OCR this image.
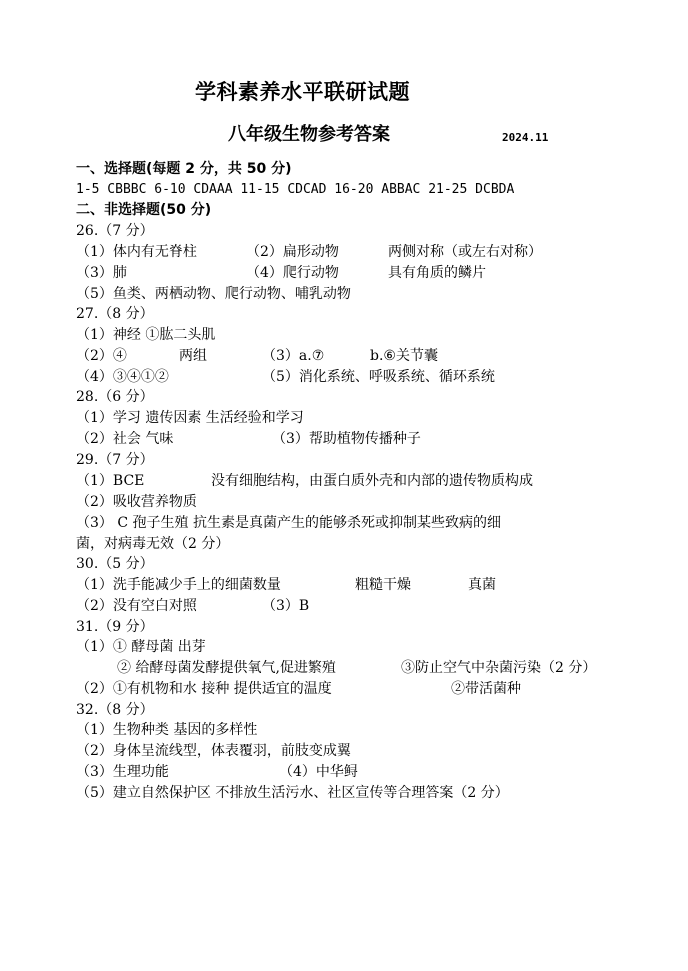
学科素养水平联研试题
八年级生物参考答案	2024.11
一、选择题(每题 2 分，共 50 分)
1-5 CBBBC 6-10 CDAAA 11-15 CDCAD 16-20 ABBAC 21-25 DCBDA
二、非选择题(50 分)
26.（7 分）
（1）体内有无脊柱	（2）扁形动物	两侧对称（或左右对称）
（3）肺	（4）爬行动物	具有角质的鳞片
（5）鱼类、两栖动物、爬行动物、哺乳动物
27.（8 分）
（1）神经 ①肱二头肌
（2）④	两组	（3）a.⑦	b.⑥关节囊
（4）③④①②	（5）消化系统、呼吸系统、循环系统
28.（6 分）
（1）学习 遗传因素 生活经验和学习
（2）社会 气味	（3）帮助植物传播种子
29.（7 分）
（1）BCE	没有细胞结构，由蛋白质外壳和内部的遗传物质构成
（2）吸收营养物质
（3） C 孢子生殖 抗生素是真菌产生的能够杀死或抑制某些致病的细
菌，对病毒无效（2 分）
30.（5 分）
（1）洗手能减少手上的细菌数量	粗糙干燥	真菌
（2）没有空白对照	（3）B
31.（9 分）
（1）① 酵母菌 出芽
② 给酵母菌发酵提供氧气,促进繁殖	③防止空气中杂菌污染（2 分）
（2）①有机物和水 接种 提供适宜的温度	②带活菌种
32.（8 分）
（1）生物种类 基因的多样性
（2）身体呈流线型，体表覆羽，前肢变成翼
（3）生理功能	（4）中华鲟
（5）建立自然保护区 不排放生活污水、社区宣传等合理答案（2 分）
